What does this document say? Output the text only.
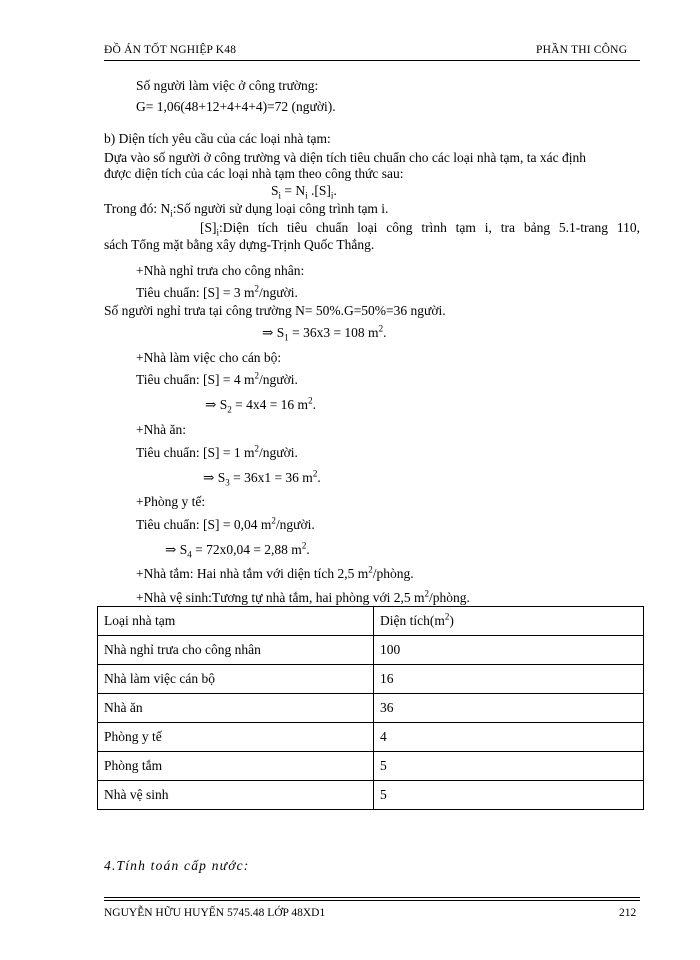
ĐỒ ÁN TỐT NGHIỆP K48	PHẦN THI CÔNG
Số người làm việc ở công trường:
G= 1,06(48+12+4+4+4)=72 (người).
b) Diện tích yêu cầu của các loại nhà tạm:
Dựa vào số người ở công trường và diện tích tiêu chuẩn cho các loại nhà tạm, ta xác định
được diện tích của các loại nhà tạm theo công thức sau:
$S_i = N_i$ $.[S]_i$.
Trong đó: $N_i:Số$ người sử dụng loại công trình tạm i.
$[S]_i:Diện$ tích tiêu chuẩn loại công trình tạm i, tra bảng 5.1-trang 110,
sách Tổng mặt bằng xây dựng-Trịnh Quốc Thắng.
+Nhà nghỉ trưa cho công nhân:
Tiêu chuẩn: [S] = 3 $m^2$/người.
Số người nghỉ trưa tại công trường N= 50%.G=50%=36 người.
⇒ $S_1 = 36x3 = 108$ $m^2$.
+Nhà làm việc cho cán bộ:
Tiêu chuẩn: [S] = 4 $m^2$/người.
⇒ $S_2 = 4x4 = 16$ $m^2$.
+Nhà ăn:
Tiêu chuẩn: [S] = 1 $m^2$/người.
⇒ $S_3 = 36x1 = 36$ $m^2$.
+Phòng y tế:
Tiêu chuẩn: [S] = 0,04 $m^2$/người.
⇒ $S_4 = 72x0,04 = 2,88$ $m^2$.
+Nhà tắm: Hai nhà tắm với diện tích 2,5 $m^2$/phòng.
+Nhà vệ sinh:Tương tự nhà tắm, hai phòng với 2,5 $m^2$/phòng.
Loại nhà tạm	Diện $tích(m^2)$
Nhà nghỉ trưa cho công nhân	100
Nhà làm việc cán bộ	16
Nhà ăn	36
Phòng y tế	4
Phòng tắm	5
Nhà vệ sinh	5
4.Tính toán cấp nước:
NGUYỄN HỮU HUYẾN 5745.48 LỚP 48XD1	212
